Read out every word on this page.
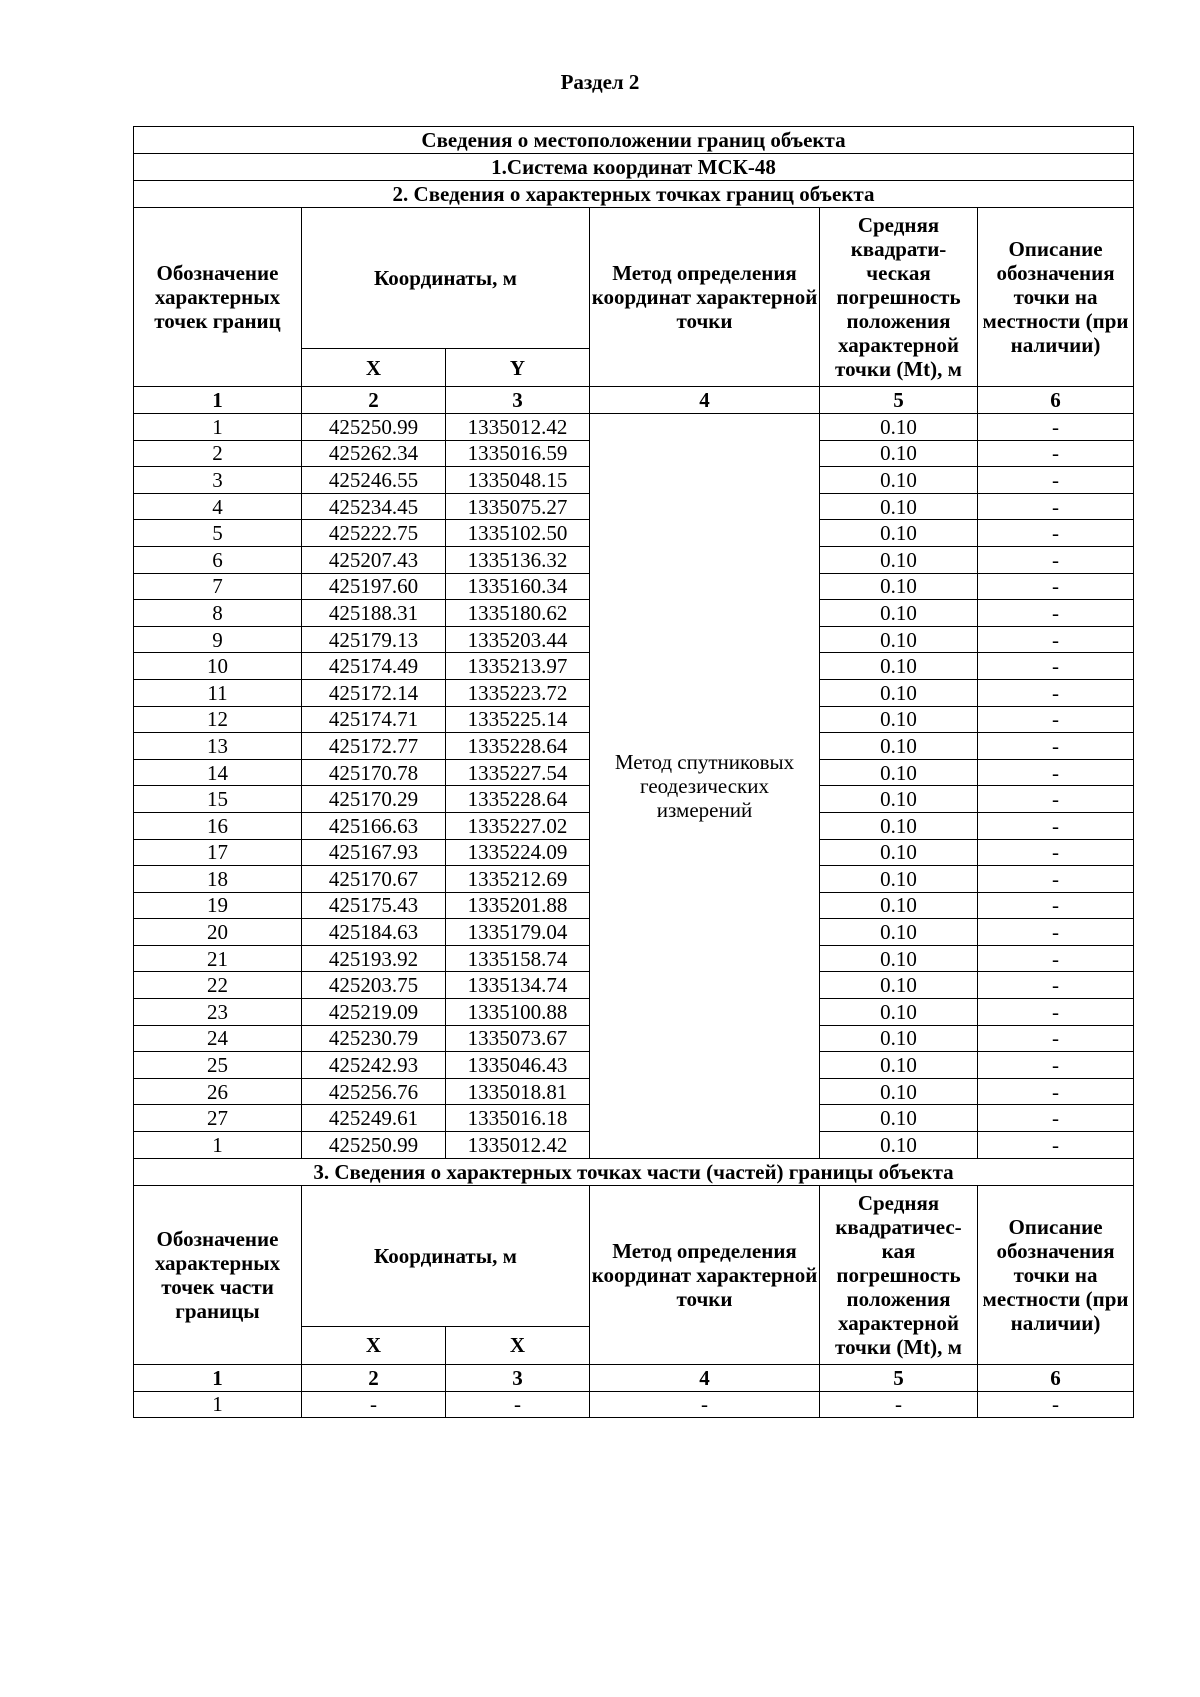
Раздел 2
Сведения о местоположении границ объекта					
1.Система координат МСК-48					
2. Сведения о характерных точках границ объекта					
Обозначение характерных точек границ	Координаты, м		Метод определения координат характерной точки	Средняя квадрати-ческая погрешность положения характерной точки (Mt), м	Описание обозначения точки на местности (при наличии)
	X	Y			
1	2	3	4	5	6
1	425250.99	1335012.42	Метод спутниковых геодезических измерений	0.10	-
2	425262.34	1335016.59		0.10	-
3	425246.55	1335048.15		0.10	-
4	425234.45	1335075.27		0.10	-
5	425222.75	1335102.50		0.10	-
6	425207.43	1335136.32		0.10	-
7	425197.60	1335160.34		0.10	-
8	425188.31	1335180.62		0.10	-
9	425179.13	1335203.44		0.10	-
10	425174.49	1335213.97		0.10	-
11	425172.14	1335223.72		0.10	-
12	425174.71	1335225.14		0.10	-
13	425172.77	1335228.64		0.10	-
14	425170.78	1335227.54		0.10	-
15	425170.29	1335228.64		0.10	-
16	425166.63	1335227.02		0.10	-
17	425167.93	1335224.09		0.10	-
18	425170.67	1335212.69		0.10	-
19	425175.43	1335201.88		0.10	-
20	425184.63	1335179.04		0.10	-
21	425193.92	1335158.74		0.10	-
22	425203.75	1335134.74		0.10	-
23	425219.09	1335100.88		0.10	-
24	425230.79	1335073.67		0.10	-
25	425242.93	1335046.43		0.10	-
26	425256.76	1335018.81		0.10	-
27	425249.61	1335016.18		0.10	-
1	425250.99	1335012.42		0.10	-
3. Сведения о характерных точках части (частей) границы объекта					
Обозначение характерных точек части границы	Координаты, м		Метод определения координат характерной точки	Средняя квадратичес-кая погрешность положения характерной точки (Mt), м	Описание обозначения точки на местности (при наличии)
	X	X			
1	2	3	4	5	6
1	-	-	-	-	-
